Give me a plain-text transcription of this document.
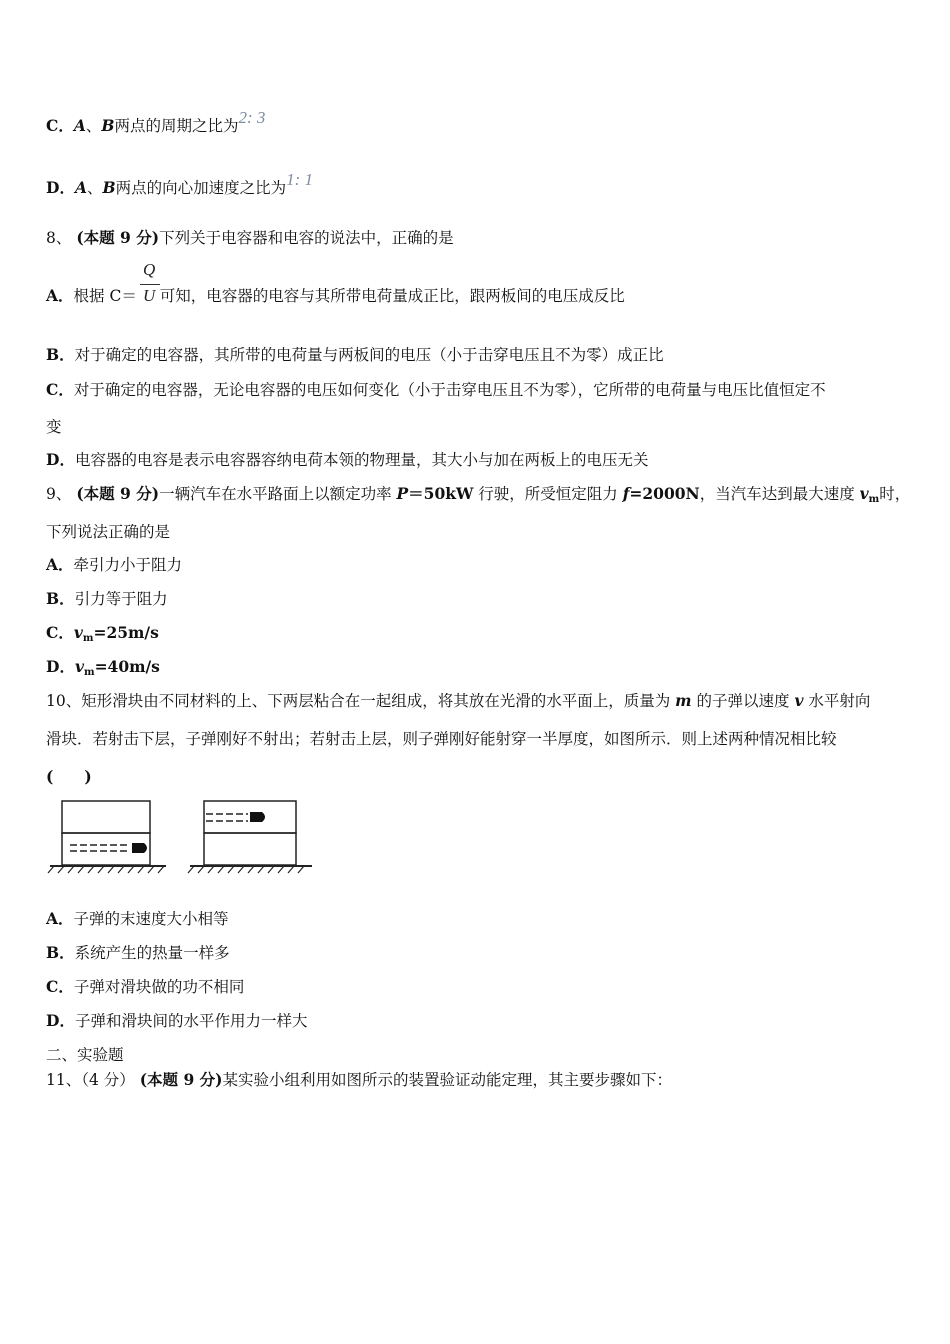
C．A、B两点的周期之比为2: 3
D．A、B两点的向心加速度之比为1: 1
8、 (本题 9 分)下列关于电容器和电容的说法中，正确的是
Q
U
A．根据 C＝ 可知，电容器的电容与其所带电荷量成正比，跟两板间的电压成反比
B．对于确定的电容器，其所带的电荷量与两板间的电压（小于击穿电压且不为零）成正比
C．对于确定的电容器，无论电容器的电压如何变化（小于击穿电压且不为零），它所带的电荷量与电压比值恒定不
变
D．电容器的电容是表示电容器容纳电荷本领的物理量，其大小与加在两板上的电压无关
9、 (本题 9 分)一辆汽车在水平路面上以额定功率 P＝50kW 行驶，所受恒定阻力 f=2000N，当汽车达到最大速度 $v_m$时，
下列说法正确的是
A．牵引力小于阻力
B．引力等于阻力
C．$v_m=25m/s$
D．$v_m=40m/s$
10、矩形滑块由不同材料的上、下两层粘合在一起组成，将其放在光滑的水平面上，质量为 m 的子弹以速度 v 水平射向
滑块．若射击下层，子弹刚好不射出；若射击上层，则子弹刚好能射穿一半厚度，如图所示．则上述两种情况相比较
(　　)
A．子弹的末速度大小相等
B．系统产生的热量一样多
C．子弹对滑块做的功不相同
D．子弹和滑块间的水平作用力一样大
二、实验题
11、（4 分） (本题 9 分)某实验小组利用如图所示的装置验证动能定理，其主要步骤如下：
